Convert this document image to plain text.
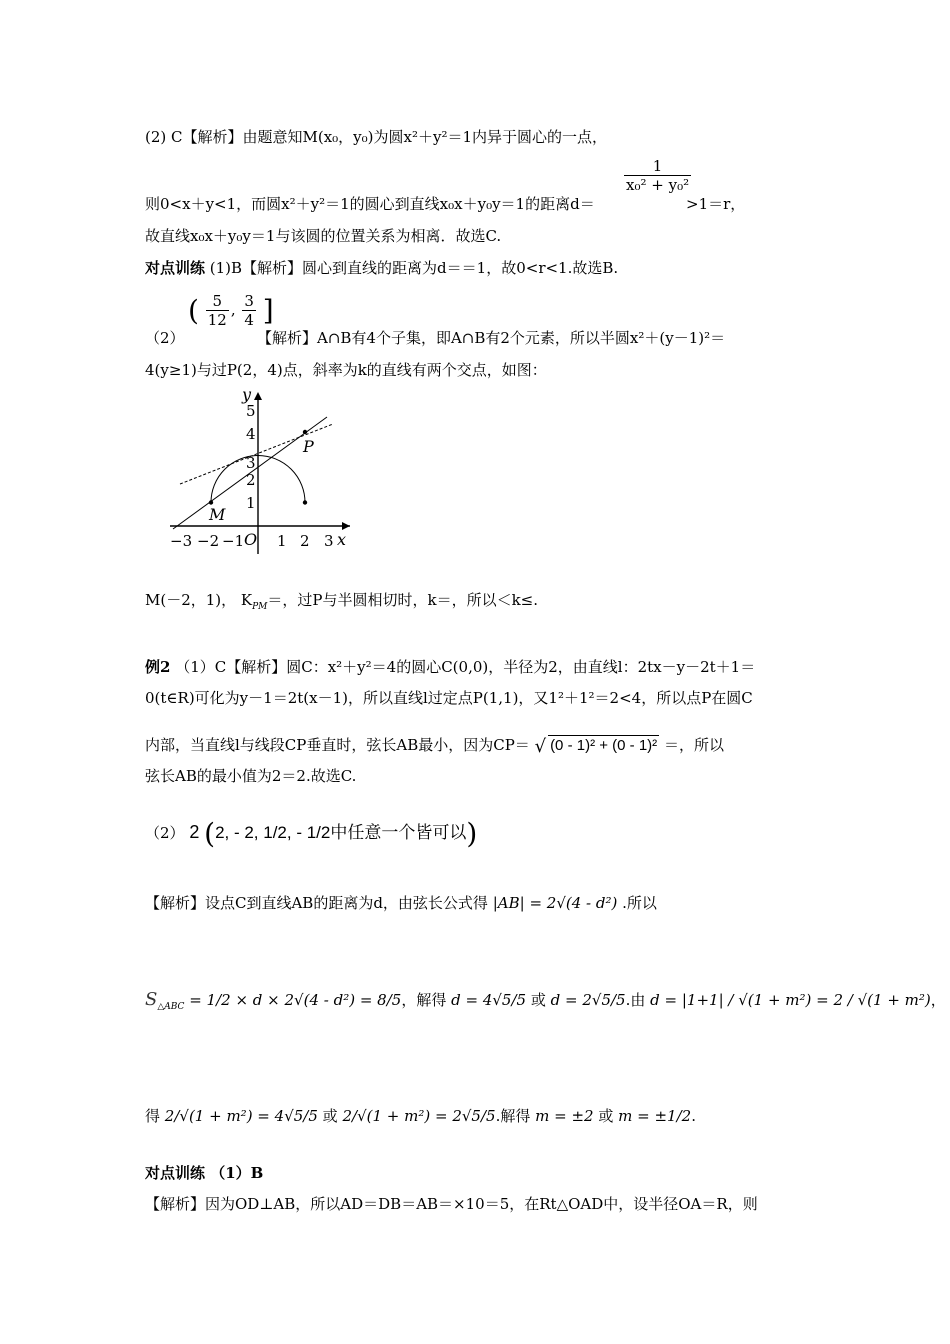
(2) C【解析】由题意知M(x₀，y₀)为圆x²＋y²＝1内异于圆心的一点，
$\frac{1}{\text{x₀² + y₀²}}$
则0<x＋y<1，而圆x²＋y²＝1的圆心到直线x₀x＋y₀y＝1的距离d＝	>1＝r，
故直线x₀x＋y₀y＝1与该圆的位置关系为相离．故选C.
对点训练 (1)B【解析】圆心到直线的距离为d＝＝1，故0<r<1.故选B.
( $\frac{5}{12}$ , $\frac{3}{4}$ ]
（2）	【解析】A∩B有4个子集，即A∩B有2个元素，所以半圆x²＋(y－1)²＝
4(y≥1)与过P(2，4)点，斜率为k的直线有两个交点，如图：
y
x
O
P
M
1
2
3
4
5
−3 −2 −1 1 2 3
M(－2，1)， $K_{PM}=$，过P与半圆相切时，k＝，所以＜k≤.
例2 （1）C【解析】圆C：x²＋y²＝4的圆心C(0,0)，半径为2，由直线l：2tx－y－2t＋1＝
0(t∈R)可化为y－1＝2t(x－1)，所以直线l过定点P(1,1)，又1²＋1²＝2<4，所以点P在圆C
内部，当直线l与线段CP垂直时，弦长AB最小，因为CP＝ √ (0 - 1)² + (0 - 1)² ＝，所以
弦长AB的最小值为2＝2.故选C.
（2） 2 (2, - 2, 1/2, - 1/2中任意一个皆可以)
【解析】设点C到直线AB的距离为d，由弦长公式得 |AB| = 2√(4 - d²) .所以
$S_{\triangle ABC} = 1/2 \times d \times 2√(4 - d^2) = 8/5$，解得 d = 4√5/5 或 d = 2√5/5.由 d = |1+1| / √(1 + m²) = 2 / √(1 + m²)，
得 2/√(1 + m²) = 4√5/5 或 2/√(1 + m²) = 2√5/5.解得 m = ±2 或 m = ±1/2.
对点训练 （1）B
【解析】因为OD⊥AB，所以AD＝DB＝AB＝×10＝5，在Rt△OAD中，设半径OA＝R，则
